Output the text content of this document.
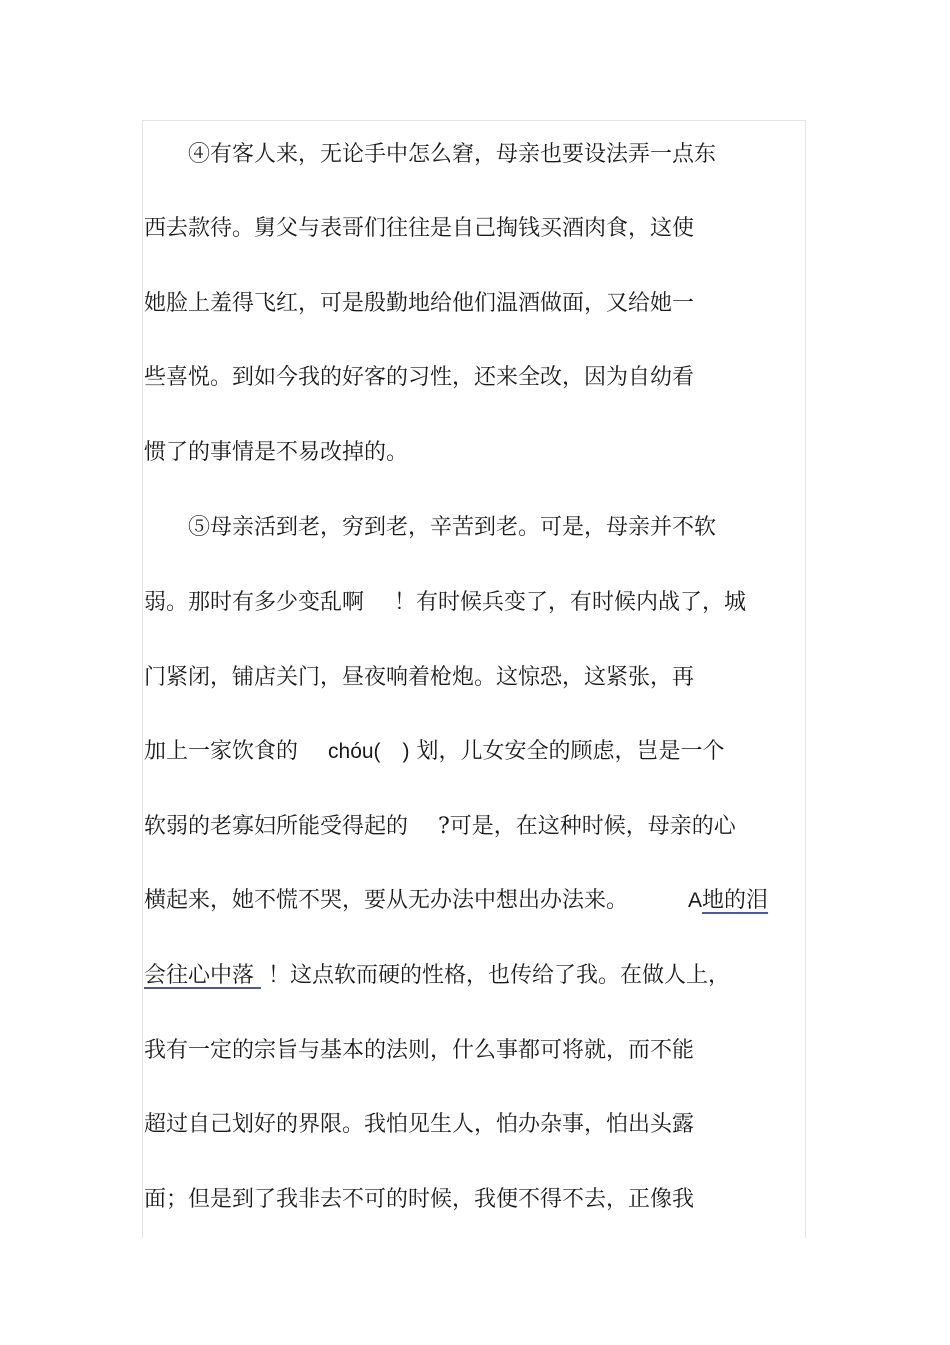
④有客人来，无论手中怎么窘，母亲也要设法弄一点东
西去款待。舅父与表哥们往往是自己掏钱买酒肉食，这使
她脸上羞得飞红，可是殷勤地给他们温酒做面，又给她一
些喜悦。到如今我的好客的习性，还来全改，因为自幼看
惯了的事情是不易改掉的。
⑤母亲活到老，穷到老，辛苦到老。可是，母亲并不软
弱。那时有多少变乱啊 ！有时候兵变了，有时候内战了，城
门紧闭，铺店关门，昼夜响着枪炮。这惊恐，这紧张，再
加上一家饮食的 chóu( ) 划，儿女安全的顾虑，岂是一个
软弱的老寡妇所能受得起的 ?可是，在这种时候，母亲的心
横起来，她不慌不哭，要从无办法中想出办法来。	A地的泪
会往心中落 ！这点软而硬的性格，也传给了我。在做人上，
我有一定的宗旨与基本的法则，什么事都可将就，而不能
超过自己划好的界限。我怕见生人，怕办杂事，怕出头露
面；但是到了我非去不可的时候，我便不得不去，正像我
